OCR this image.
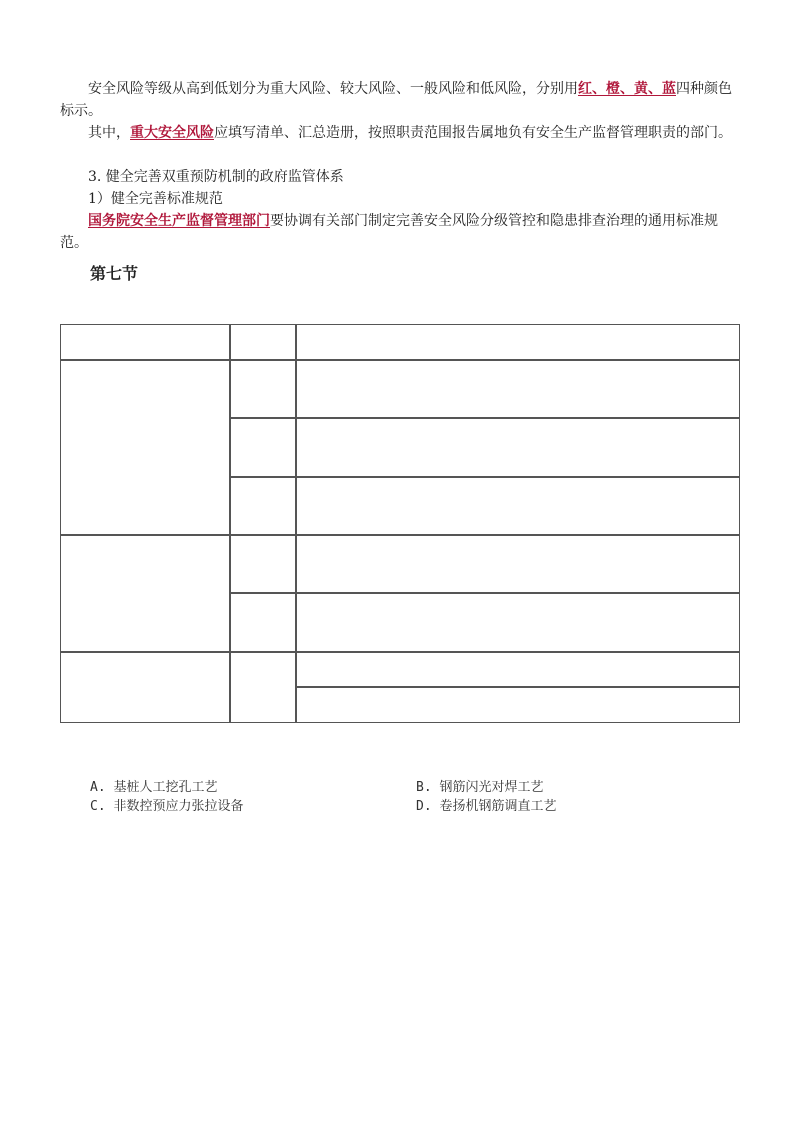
安全风险等级从高到低划分为重大风险、较大风险、一般风险和低风险，分别用红、橙、黄、蓝四种颜色标示。
其中，重大安全风险应填写清单、汇总造册，按照职责范围报告属地负有安全生产监督管理职责的部门。
3. 健全完善双重预防机制的政府监管体系
1）健全完善标准规范
国务院安全生产监督管理部门要协调有关部门制定完善安全风险分级管控和隐患排查治理的通用标准规范。
第七节
A. 基桩人工挖孔工艺	B. 钢筋闪光对焊工艺
C. 非数控预应力张拉设备	D. 卷扬机钢筋调直工艺
